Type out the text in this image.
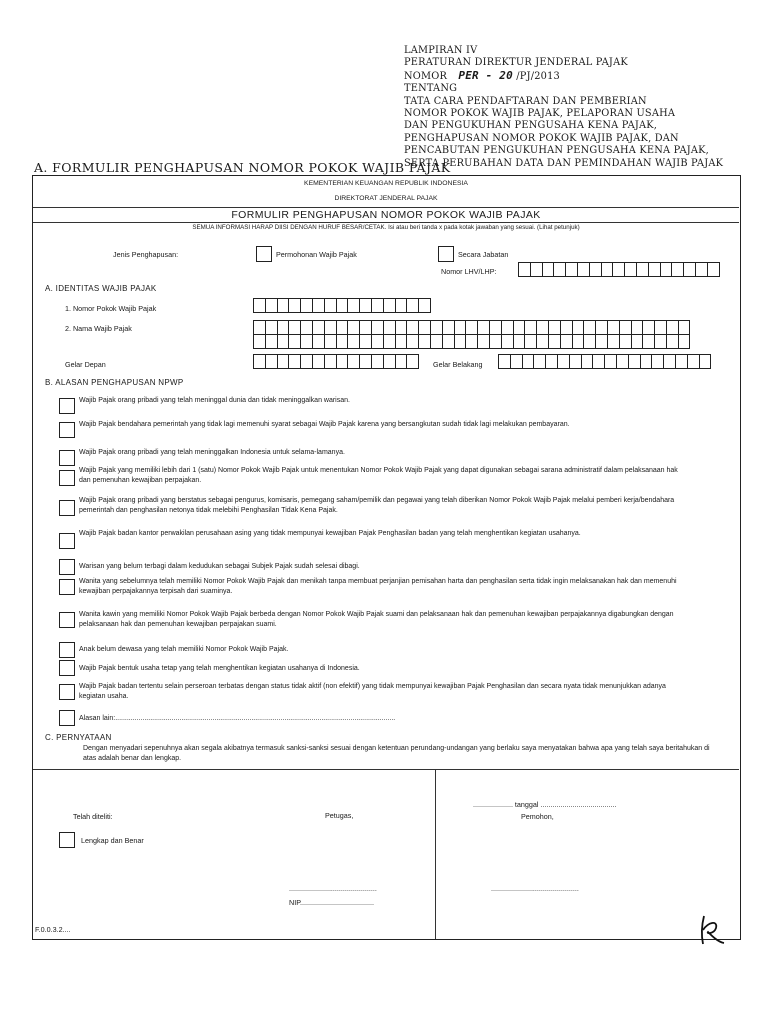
LAMPIRAN IV
PERATURAN DIREKTUR JENDERAL PAJAK
NOMOR PER - 20 /PJ/2013
TENTANG
TATA CARA PENDAFTARAN DAN PEMBERIAN
NOMOR POKOK WAJIB PAJAK, PELAPORAN USAHA
DAN PENGUKUHAN PENGUSAHA KENA PAJAK,
PENGHAPUSAN NOMOR POKOK WAJIB PAJAK, DAN
PENCABUTAN PENGUKUHAN PENGUSAHA KENA PAJAK,
SERTA PERUBAHAN DATA DAN PEMINDAHAN WAJIB PAJAK
A. FORMULIR PENGHAPUSAN NOMOR POKOK WAJIB PAJAK
KEMENTERIAN KEUANGAN REPUBLIK INDONESIA
DIREKTORAT JENDERAL PAJAK
FORMULIR PENGHAPUSAN NOMOR POKOK WAJIB PAJAK
SEMUA INFORMASI HARAP DIISI DENGAN HURUF BESAR/CETAK. Isi atau beri tanda x pada kotak jawaban yang sesuai. (Lihat petunjuk)
Jenis Penghapusan:	Permohonan Wajib Pajak	Secara Jabatan
Nomor LHV/LHP:
A. IDENTITAS WAJIB PAJAK
1. Nomor Pokok Wajib Pajak
2. Nama Wajib Pajak
Gelar Depan	Gelar Belakang
B. ALASAN PENGHAPUSAN NPWP
Wajib Pajak orang pribadi yang telah meninggal dunia dan tidak meninggalkan warisan.
Wajib Pajak bendahara pemerintah yang tidak lagi memenuhi syarat sebagai Wajib Pajak karena yang bersangkutan sudah tidak lagi melakukan pembayaran.
Wajib Pajak orang pribadi yang telah meninggalkan Indonesia untuk selama-lamanya.
Wajib Pajak yang memiliki lebih dari 1 (satu) Nomor Pokok Wajib Pajak untuk menentukan Nomor Pokok Wajib Pajak yang dapat digunakan sebagai sarana administratif dalam pelaksanaan hak dan pemenuhan kewajiban perpajakan.
Wajib Pajak orang pribadi yang berstatus sebagai pengurus, komisaris, pemegang saham/pemilik dan pegawai yang telah diberikan Nomor Pokok Wajib Pajak melalui pemberi kerja/bendahara pemerintah dan penghasilan netonya tidak melebihi Penghasilan Tidak Kena Pajak.
Wajib Pajak badan kantor perwakilan perusahaan asing yang tidak mempunyai kewajiban Pajak Penghasilan badan yang telah menghentikan kegiatan usahanya.
Warisan yang belum terbagi dalam kedudukan sebagai Subjek Pajak sudah selesai dibagi.
Wanita yang sebelumnya telah memiliki Nomor Pokok Wajib Pajak dan menikah tanpa membuat perjanjian pemisahan harta dan penghasilan serta tidak ingin melaksanakan hak dan memenuhi kewajiban perpajakannya terpisah dari suaminya.
Wanita kawin yang memiliki Nomor Pokok Wajib Pajak berbeda dengan Nomor Pokok Wajib Pajak suami dan pelaksanaan hak dan pemenuhan kewajiban perpajakannya digabungkan dengan pelaksanaan hak dan pemenuhan kewajiban perpajakan suami.
Anak belum dewasa yang telah memiliki Nomor Pokok Wajib Pajak.
Wajib Pajak bentuk usaha tetap yang telah menghentikan kegiatan usahanya di Indonesia.
Wajib Pajak badan tertentu selain perseroan terbatas dengan status tidak aktif (non efektif) yang tidak mempunyai kewajiban Pajak Penghasilan dan secara nyata tidak menunjukkan adanya kegiatan usaha.
Alasan lain:................................................................................................................................................
C. PERNYATAAN
Dengan menyadari sepenuhnya akan segala akibatnya termasuk sanksi-sanksi sesuai dengan ketentuan perundang-undangan yang berlaku saya menyatakan bahwa apa yang telah saya beritahukan di atas adalah benar dan lengkap.
Telah diteliti:	Petugas,
Lengkap dan Benar
............................................
NIP.....................................
.................... tanggal ......................................
Pemohon,
............................................
F.0.0.3.2....
